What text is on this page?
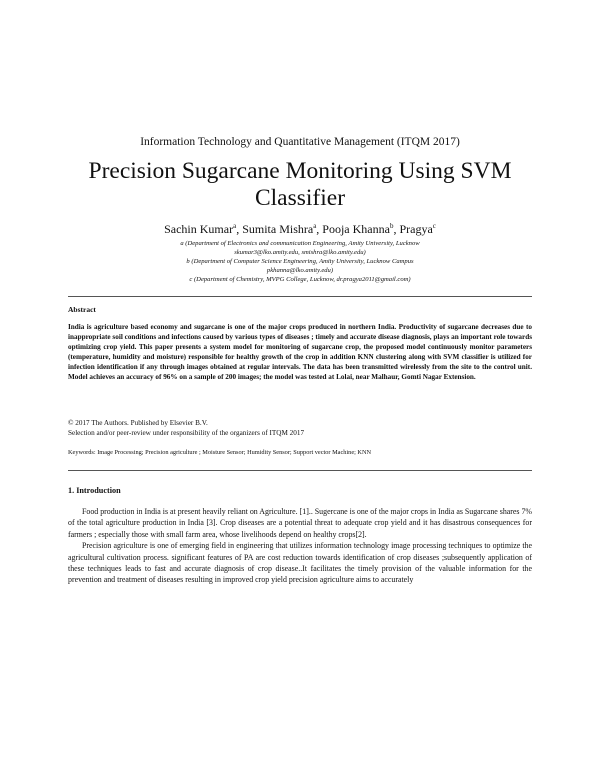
Information Technology and Quantitative Management (ITQM 2017)
Precision Sugarcane Monitoring Using SVM Classifier
Sachin Kumar$^a$, Sumita Mishra$^a$, Pooja Khanna$^b$, Pragya$^c$
a (Department of Electronics and communication Engineering, Amity University, Lucknow
skumar3@lko.amity.edu, smishra@lko.amity.edu)
b (Department of Computer Science Engineering, Amity University, Lucknow Campus
pkhanna@lko.amity.edu)
c (Department of Chemistry, MVPG College, Lucknow, dr.pragya2011@gmail.com)
Abstract

India is agriculture based economy and sugarcane is one of the major crops produced in northern India. Productivity of sugarcane decreases due to inappropriate soil conditions and infections caused by various types of diseases ; timely and accurate disease diagnosis, plays an important role towards optimizing crop yield. This paper presents a system model for monitoring of sugarcane crop, the proposed model continuously monitor parameters (temperature, humidity and moisture) responsible for healthy growth of the crop in addition KNN clustering along with SVM classifier is utilized for infection identification if any through images obtained at regular intervals. The data has been transmitted wirelessly from the site to the control unit. Model achieves an accuracy of 96% on a sample of 200 images; the model was tested at Lolai, near Malhaur, Gomti Nagar Extension.

© 2017 The Authors. Published by Elsevier B.V.
Selection and/or peer-review under responsibility of the organizers of ITQM 2017
Keywords: Image Processing; Precision agriculture ; Moisture Sensor; Humidity Sensor; Support vector Machine; KNN
1. Introduction

Food production in India is at present heavily reliant on Agriculture. [1].. Sugercane is one of the major crops in India as Sugarcane shares 7% of the total agriculture production in India [3]. Crop diseases are a potential threat to adequate crop yield and it has disastrous consequences for farmers ; especially those with small farm area, whose livelihoods depend on healthy crops[2].

Precision agriculture is one of emerging field in engineering that utilizes information technology image processing techniques to optimize the agricultural cultivation process. significant features of PA are cost reduction towards identification of crop diseases ;subsequently application of these techniques leads to fast and accurate diagnosis of crop disease..It facilitates the timely provision of the valuable information for the prevention and treatment of diseases resulting in improved crop yield precision agriculture aims to accurately
